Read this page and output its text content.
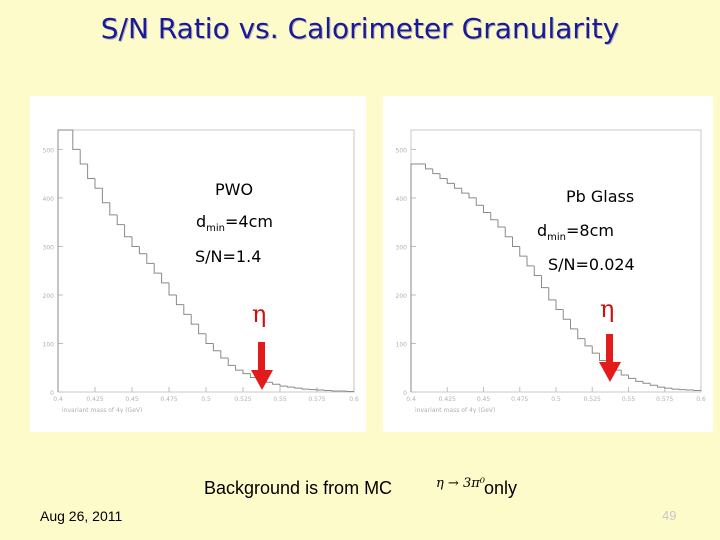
S/N Ratio vs. Calorimeter Granularity
0
100
200
300
400
500
0.4	0.425	0.45	0.475	0.5	0.525	0.55	0.575	0.6
invariant mass of 4γ (GeV)
PWO
$d_{min}=4cm$
S/N=1.4
η
0
100
200
300
400
500
0.4	0.425	0.45	0.475	0.5	0.525	0.55	0.575	0.6
invariant mass of 4γ (GeV)
Pb Glass
$d_{min}=8cm$
S/N=0.024
η
Background is from MC	η → 3π⁰ only
Aug 26, 2011	49
